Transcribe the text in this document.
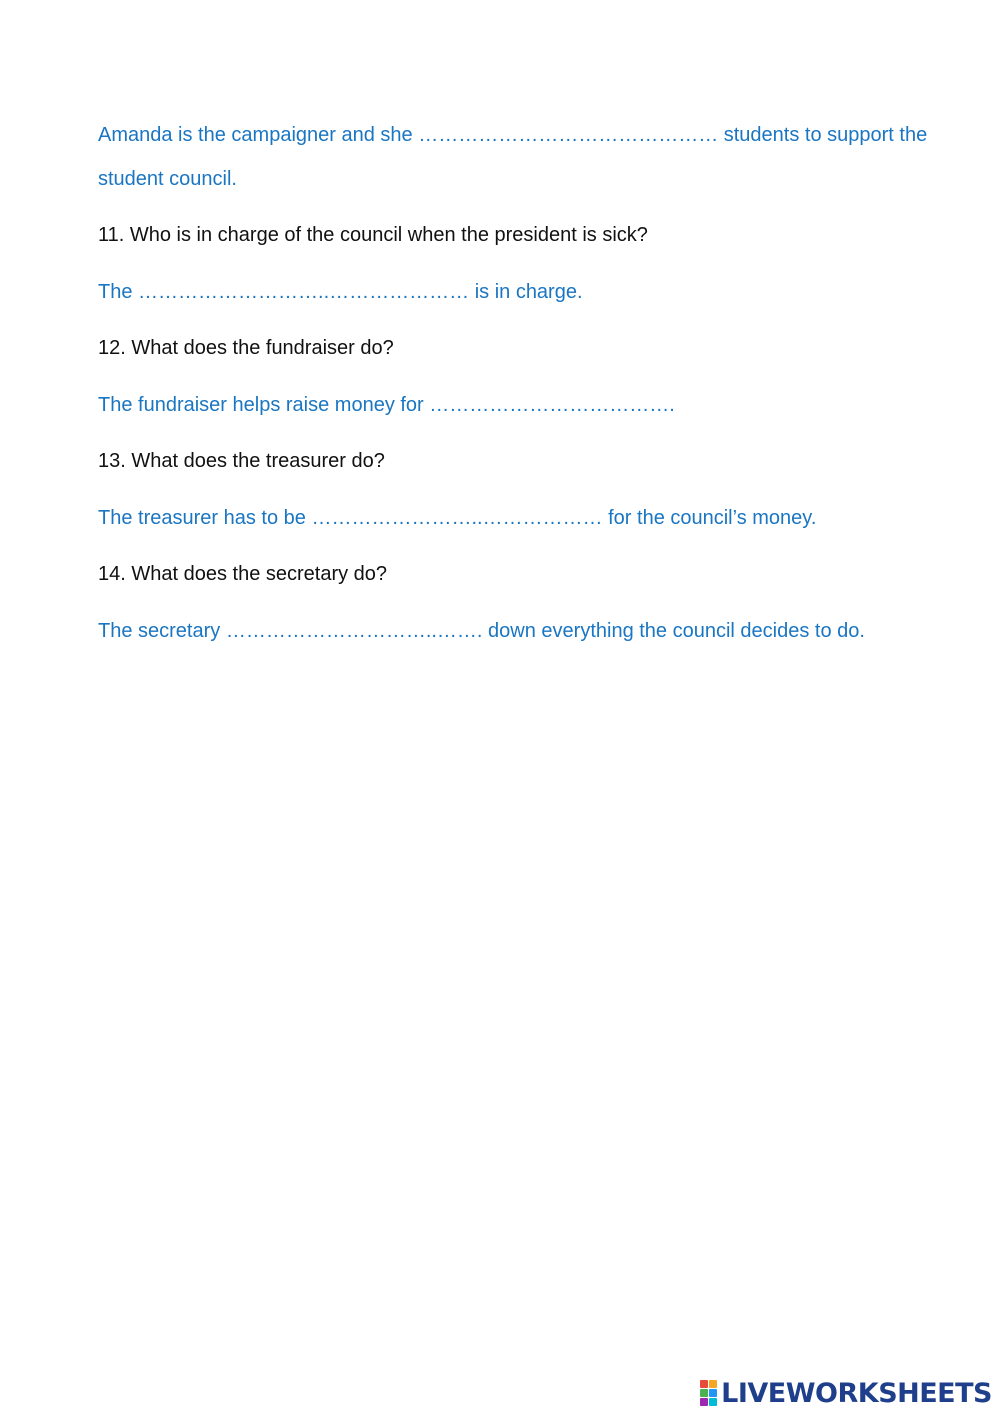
Amanda is the campaigner and she ……………………………………… students to support the
student council.
11. Who is in charge of the council when the president is sick?
The ………………………..………………… is in charge.
12. What does the fundraiser do?
The fundraiser helps raise money for ……………………………….
13. What does the treasurer do?
The treasurer has to be ……………………..……………… for the council’s money.
14. What does the secretary do?
The secretary …………………………..……. down everything the council decides to do.
LIVEWORKSHEETS
